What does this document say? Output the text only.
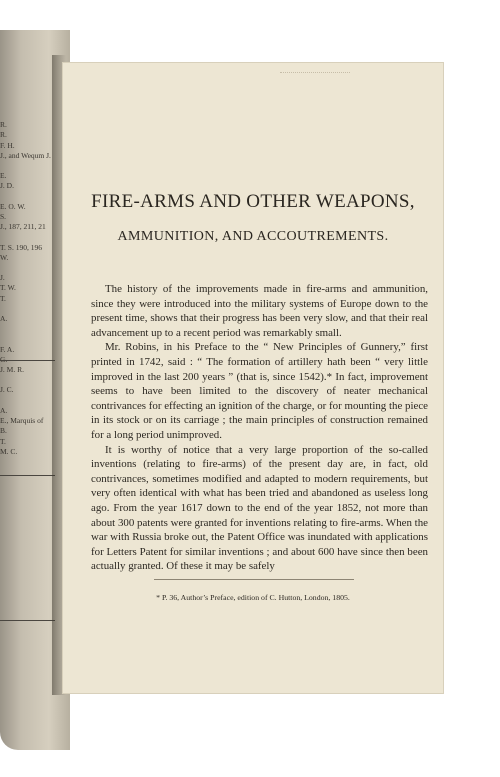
R.
R.
F. H.
J., and Wequm J.

E.
J. D.

E. O. W.
S.
J., 187, 211, 21

T. S. 190, 196
W.

J.
T. W.
T.

A.

F. A.
G.
J. M. R.

J. C.

A.
E., Marquis of
B.
T.
M. C.
FIRE-ARMS AND OTHER WEAPONS,
AMMUNITION, AND ACCOUTREMENTS.

The history of the improvements made in fire-arms and ammunition, since they were introduced into the military systems of Europe down to the present time, shows that their progress has been very slow, and that their real advancement up to a recent period was remarkably small.

Mr. Robins, in his Preface to the “ New Principles of Gunnery,” first printed in 1742, said : “ The formation of artillery hath been “ very little improved in the last 200 years ” (that is, since 1542).* In fact, improvement seems to have been limited to the discovery of neater mechanical contrivances for effecting an ignition of the charge, or for mounting the piece in its stock or on its carriage ; the main principles of construction remained for a long period unimproved.

It is worthy of notice that a very large proportion of the so-called inventions (relating to fire-arms) of the present day are, in fact, old contrivances, sometimes modified and adapted to modern requirements, but very often identical with what has been tried and abandoned as useless long ago. From the year 1617 down to the end of the year 1852, not more than about 300 patents were granted for inventions relating to fire-arms. When the war with Russia broke out, the Patent Office was inundated with applications for Letters Patent for similar inventions ; and about 600 have since then been actually granted. Of these it may be safely

* P. 36, Author’s Preface, edition of C. Hutton, London, 1805.
